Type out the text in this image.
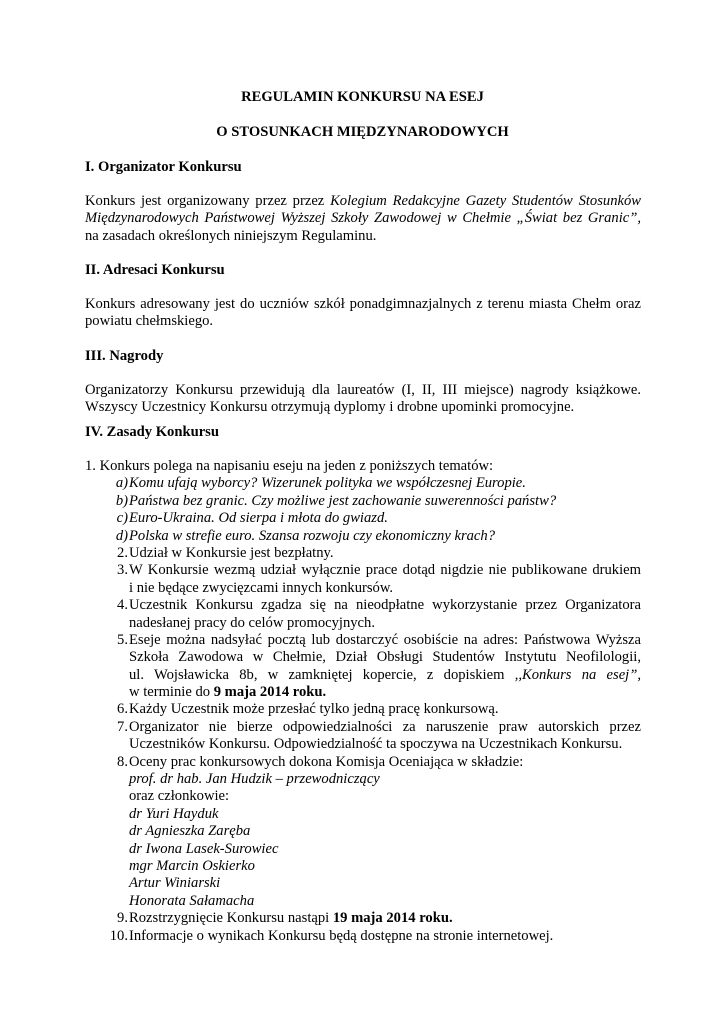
REGULAMIN KONKURSU NA ESEJ
O STOSUNKACH MIĘDZYNARODOWYCH
I. Organizator Konkursu
Konkurs jest organizowany przez przez Kolegium Redakcyjne Gazety Studentów Stosunków
Międzynarodowych Państwowej Wyższej Szkoły Zawodowej w Chełmie „Świat bez Granic”,
na zasadach określonych niniejszym Regulaminu.
II. Adresaci Konkursu
Konkurs adresowany jest do uczniów szkół ponadgimnazjalnych z terenu miasta Chełm oraz
powiatu chełmskiego.
III. Nagrody
Organizatorzy Konkursu przewidują dla laureatów (I, II, III miejsce) nagrody książkowe.
Wszyscy Uczestnicy Konkursu otrzymują dyplomy i drobne upominki promocyjne.
IV. Zasady Konkursu
1. Konkurs polega na napisaniu eseju na jeden z poniższych tematów:
a) Komu ufają wyborcy? Wizerunek polityka we współczesnej Europie.
b) Państwa bez granic. Czy możliwe jest zachowanie suwerenności państw?
c) Euro-Ukraina. Od sierpa i młota do gwiazd.
d) Polska w strefie euro. Szansa rozwoju czy ekonomiczny krach?
2. Udział w Konkursie jest bezpłatny.
3. W Konkursie wezmą udział wyłącznie prace dotąd nigdzie nie publikowane drukiem
i nie będące zwycięzcami innych konkursów.
4. Uczestnik Konkursu zgadza się na nieodpłatne wykorzystanie przez Organizatora
nadesłanej pracy do celów promocyjnych.
5. Eseje można nadsyłać pocztą lub dostarczyć osobiście na adres: Państwowa Wyższa
Szkoła Zawodowa w Chełmie, Dział Obsługi Studentów Instytutu Neofilologii,
ul. Wojsławicka 8b, w zamkniętej kopercie, z dopiskiem ,,Konkurs na esej”,
w terminie do 9 maja 2014 roku.
6. Każdy Uczestnik może przesłać tylko jedną pracę konkursową.
7. Organizator nie bierze odpowiedzialności za naruszenie praw autorskich przez
Uczestników Konkursu. Odpowiedzialność ta spoczywa na Uczestnikach Konkursu.
8. Oceny prac konkursowych dokona Komisja Oceniająca w składzie:
prof. dr hab. Jan Hudzik – przewodniczący
oraz członkowie:
dr Yuri Hayduk
dr Agnieszka Zaręba
dr Iwona Lasek-Surowiec
mgr Marcin Oskierko
Artur Winiarski
Honorata Sałamacha
9. Rozstrzygnięcie Konkursu nastąpi 19 maja 2014 roku.
10. Informacje o wynikach Konkursu będą dostępne na stronie internetowej.
